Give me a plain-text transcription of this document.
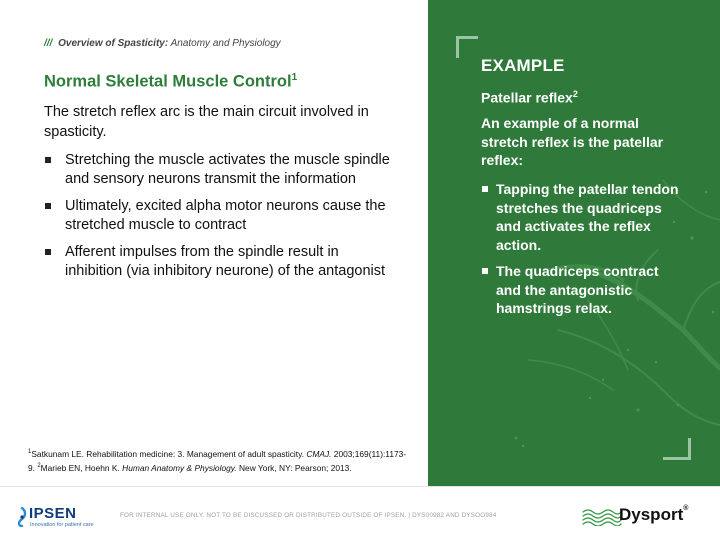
/// Overview of Spasticity: Anatomy and Physiology
Normal Skeletal Muscle Control$^1$

The stretch reflex arc is the main circuit involved in spasticity.

Stretching the muscle activates the muscle spindle and sensory neurons transmit the information
Ultimately, excited alpha motor neurons cause the stretched muscle to contract
Afferent impulses from the spindle result in inhibition (via inhibitory neurone) of the antagonist
$^1$Satkunam LE. Rehabilitation medicine: 3. Management of adult spasticity. CMAJ. 2003;169(11):1173-9. $^2$Marieb EN, Hoehn K. Human Anatomy & Physiology. New York, NY: Pearson; 2013.
EXAMPLE
Patellar reflex$^2$

An example of a normal stretch reflex is the patellar reflex:

Tapping the patellar tendon stretches the quadriceps and activates the reflex action.
The quadriceps contract and the antagonistic hamstrings relax.
IPSEN
Innovation for patient care
FOR INTERNAL USE ONLY. NOT TO BE DISCUSSED OR DISTRIBUTED OUTSIDE OF IPSEN. | DYS00982 AND DYSOO984	Dysport®
